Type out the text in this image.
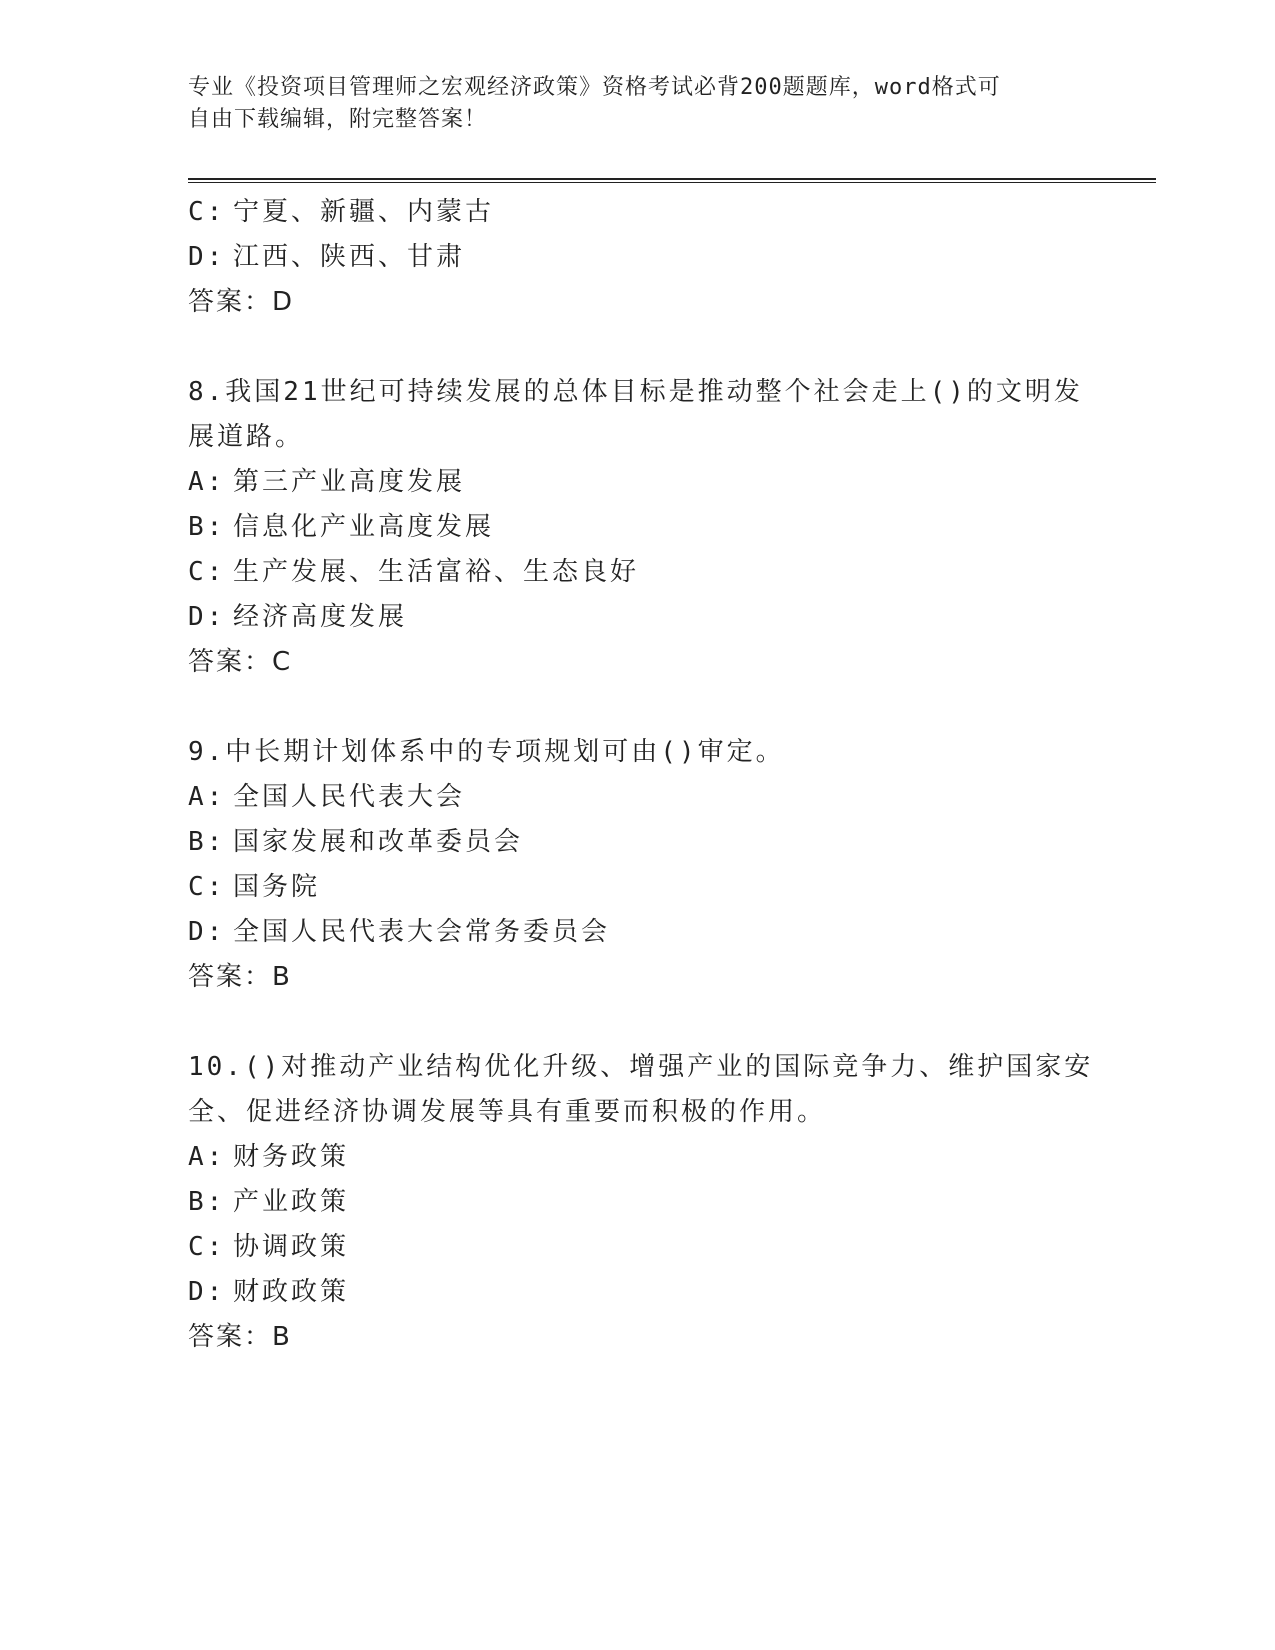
专业《投资项目管理师之宏观经济政策》资格考试必背200题题库，word格式可
自由下载编辑，附完整答案！
C: 宁夏、新疆、内蒙古
D: 江西、陕西、甘肃
答案：D
8.我国21世纪可持续发展的总体目标是推动整个社会走上()的文明发
展道路。
A: 第三产业高度发展
B: 信息化产业高度发展
C: 生产发展、生活富裕、生态良好
D: 经济高度发展
答案：C
9.中长期计划体系中的专项规划可由()审定。
A: 全国人民代表大会
B: 国家发展和改革委员会
C: 国务院
D: 全国人民代表大会常务委员会
答案：B
10.()对推动产业结构优化升级、增强产业的国际竞争力、维护国家安
全、促进经济协调发展等具有重要而积极的作用。
A: 财务政策
B: 产业政策
C: 协调政策
D: 财政政策
答案：B
